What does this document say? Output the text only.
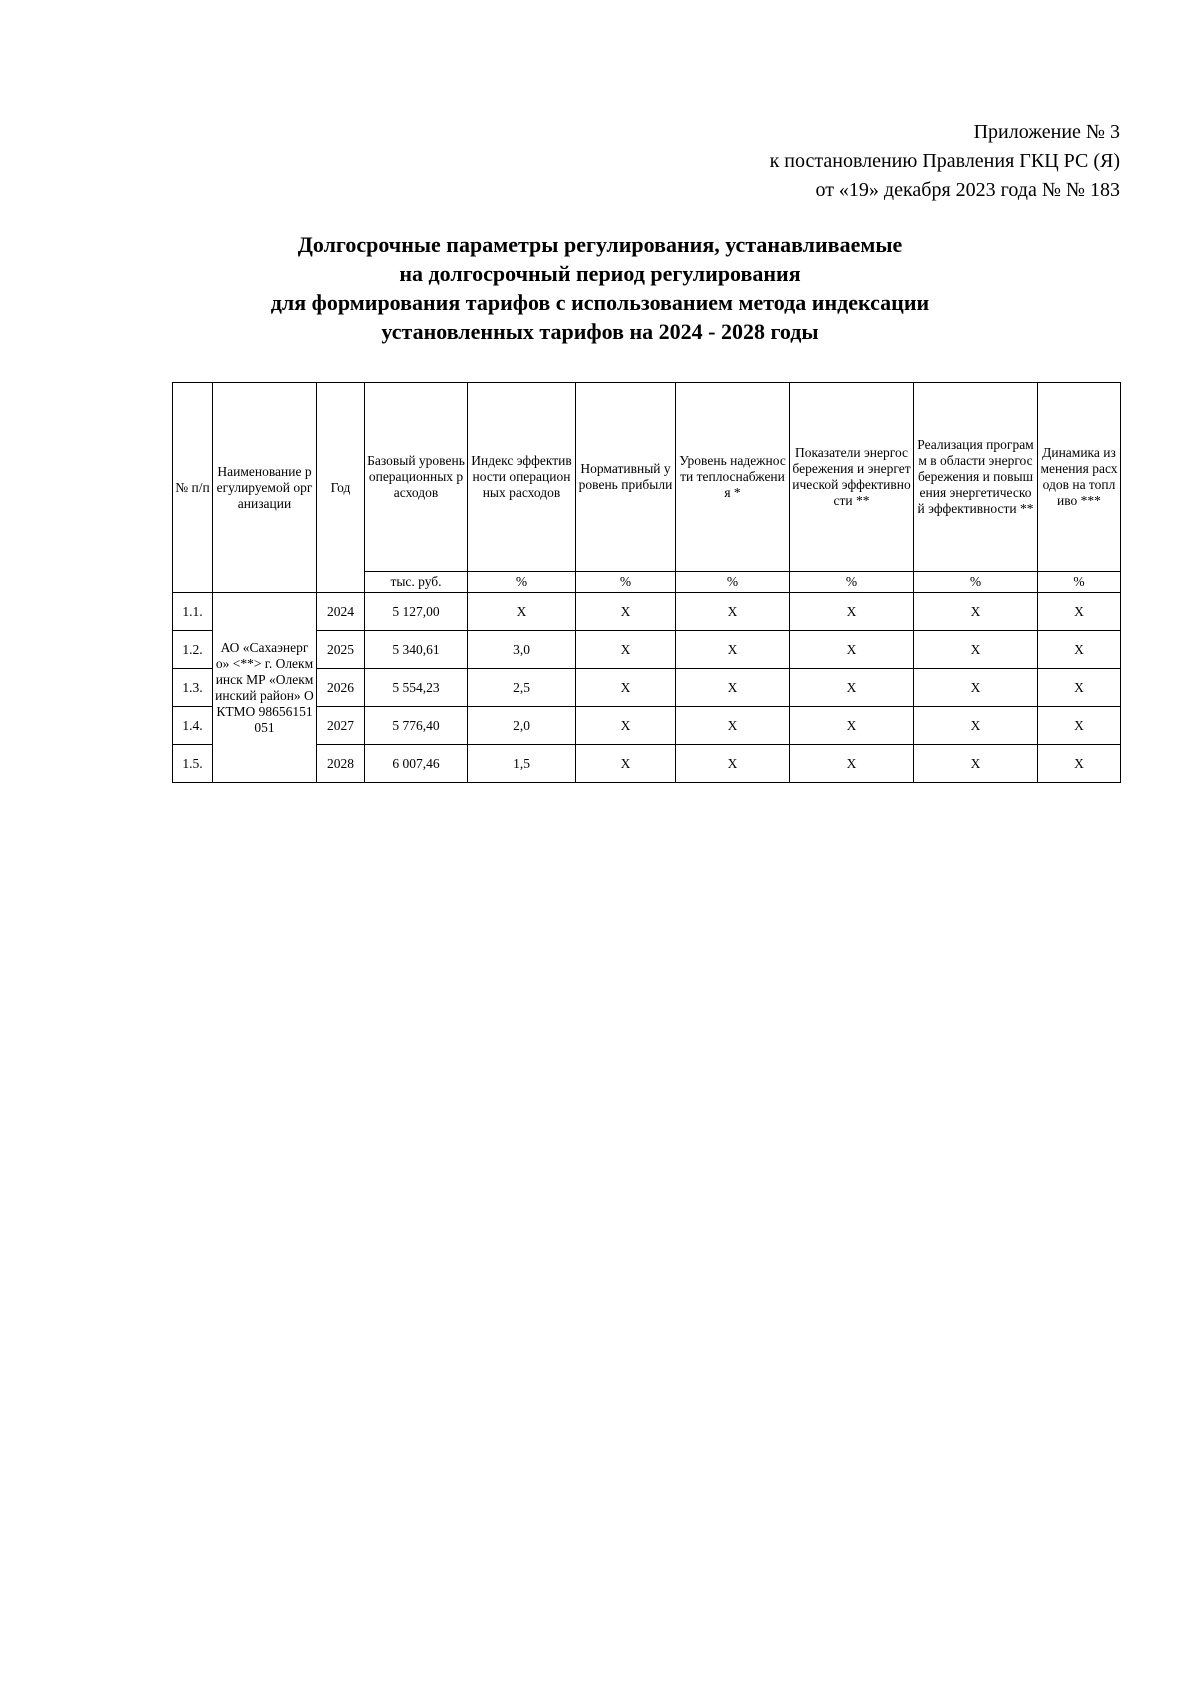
Приложение № 3
к постановлению Правления ГКЦ РС (Я)
от «19» декабря 2023 года № № 183
Долгосрочные параметры регулирования, устанавливаемые
на долгосрочный период регулирования
для формирования тарифов с использованием метода индексации
установленных тарифов на 2024 - 2028 годы
№ п/п	Наименование регулируемой организации	Год	Базовый уровень операционных расходов	Индекс эффективности операционных расходов	Нормативный уровень прибыли	Уровень надежности теплоснабжения *	Показатели энергосбережения и энергетической эффективности **	Реализация программ в области энергосбережения и повышения энергетической эффективности **	Динамика изменения расходов на топливо ***
			тыс. руб.	%	%	%	%	%	%
1.1.	АО «Сахаэнерго» <**> г. Олекминск МР «Олекминский район» ОКТМО 98656151051	2024	5 127,00	X	X	X	X	X	X
1.2.		2025	5 340,61	3,0	X	X	X	X	X
1.3.		2026	5 554,23	2,5	X	X	X	X	X
1.4.		2027	5 776,40	2,0	X	X	X	X	X
1.5.		2028	6 007,46	1,5	X	X	X	X	X
